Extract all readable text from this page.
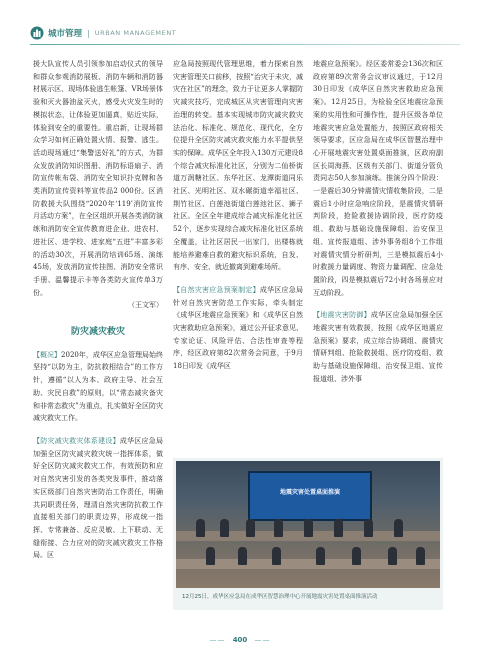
城市管理 | URBAN MANAGEMENT

援大队宣传人员引领参加启动仪式的领导和群众参观消防展板、消防车辆和消防器材展示区、现场体验逃生帐篷、VR场景体验和灭火器油盆灭火，感受火灾发生时的模拟状态，让体验更加逼真，贴近实际，体验到安全的重要性。重启新，让现场群众学习如何正确处置火情、报警、逃生。活动现场通过“集警送好礼”的方式，为群众发放消防知识图册、消防标语扇子、消防宣传帐布袋、消防安全知识扑克牌和各类消防宣传资料等宣传品2 000份。区消防救援大队围绕“2020年‘119’消防宣传月活动方案”，在全区组织开展各类消防演练和消防安全宣传教育进企业、进农村、进社区、进学校、进家庭“五进”丰富多彩的活动30次，开展消防培训65场、演练45场，发放消防宣传挂图、消防安全常识手册、温馨提示卡等各类防火宣传单3万份。

（王文军）

防灾减灾救灾

【概况】2020年，成华区应急管理局始终坚持“以防为主，防抗救相结合”的工作方针，遵循“以人为本、政府主导、社会互助、灾民自救”的原则，以“常态减灾备灾和非常态救灾”为重点，扎实做好全区防灾减灾救灾工作。

【防灾减灾救灾体系建设】成华区应急局加强全区防灾减灾救灾统一指挥体系，做好全区防灾减灾救灾工作，有效预防和应对自然灾害引发的各类突发事件，推动落实区级部门自然灾害防治工作责任，明确共同职责任务，理清自然灾害防抗救工作直接相关部门的职责边界，形成统一指挥、专常兼备、反应灵敏、上下联动、无缝衔接、合力应对的防灾减灾救灾工作格局。区

应急局按照现代管理思维，着力探索自然灾害管理关口前移，按照“治灾于未灾，减灾在社区”的理念，致力于让更多人掌握防灾减灾技巧，完成城区从灾害管理向灾害治理的转变。基本实现城市防灾减灾救灾法治化、标准化、规范化、现代化，全方位提升全区防灾减灾救灾能力水平提供坚实的保障。成华区全年投入130万元建设8个综合减灾标准化社区，分别为二仙桥街道万润糖社区、东华社区、龙潭街道同乐社区、光明社区、双水碾街道幸福社区、荆竹社区、白莲池街道白莲池社区、狮子社区。全区全年建成综合减灾标准化社区52个，逐步实现综合减灾标准化社区系统全覆盖，让社区居民一出家门，出楼栋就能培养避难自救的避灾标识系统，自发、有序、安全、就近撤离到避难场所。

【自然灾害应急预案制定】成华区应急局针对自然灾害防范工作实际，牵头制定《成华区地震应急预案》和《成华区自然灾害救助应急预案》，通过公开征求意见、专家论证、风险评估、合法性审查等程序，经区政府第82次常务会同意，于9月18日印发《成华区

地震应急预案》。经区委常委会136次和区政府第89次常务会议审议通过，于12月30日印发《成华区自然灾害救助应急预案》。12月25日，为检验全区地震应急预案的实用性和可操作性，提升区级各单位地震灾害应急处置能力，按照区政府相关领导要求，区应急局在成华区智慧治理中心开展地震灾害处置桌面推演，区政府副区长周海燕、区级有关部门、街道分管负责同志50人参加演练。推演分四个阶段：一是震后30分钟震情灾情收集阶段，二是震后1小时应急响应阶段，是震情灾情研判阶段，抢险救援协调阶段，医疗防疫组、救助与基础设施保障组、治安保卫组、宣传报道组、涉外事务组8个工作组对震情灾情分析研判，三是模拟震后4小时救援力量调度、物资力量调配、应急处置阶段，四是模拟震后72小时各场景应对互动阶段。

【地震灾害防御】成华区应急局加强全区地震灾害有效救援，按照《成华区地震应急预案》要求，成立综合协调组、震情灾情研判组、抢险救援组、医疗防疫组、救助与基础设施保障组、治安保卫组、宣传报道组、涉外事

地震灾害处置桌面推演
12月25日，成华区应急局在成华区智慧治理中心开展地震灾害处置桌面推演活动
—— 400 ——
